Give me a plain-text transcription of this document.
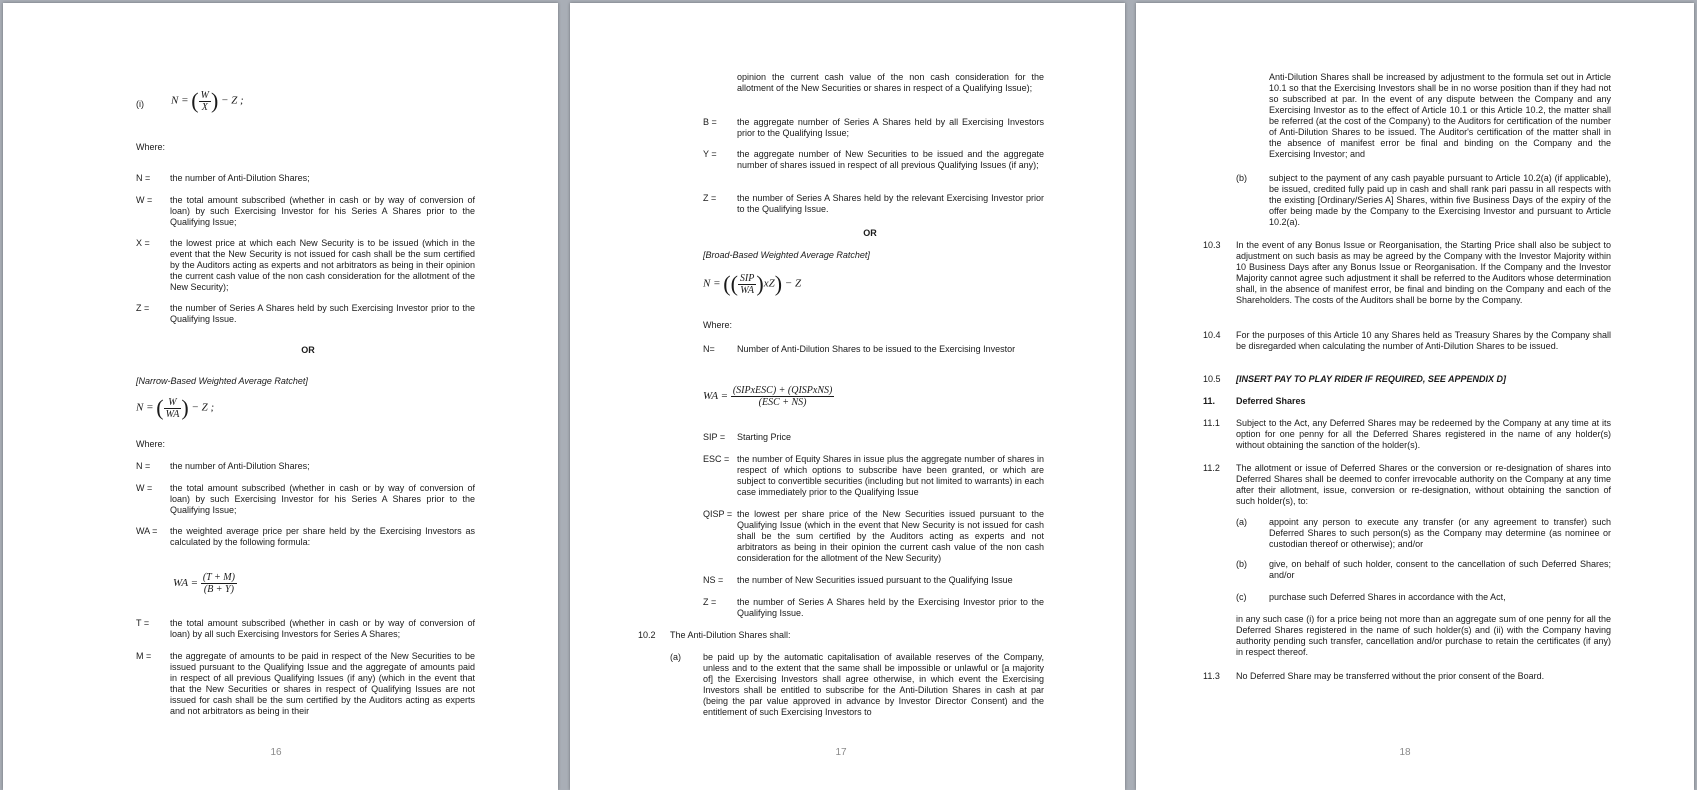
(i) N = ( $\frac{W}{X}$ ) − Z ;
Where:
N = the number of Anti-Dilution Shares;
W = the total amount subscribed (whether in cash or by way of conversion of loan) by such Exercising Investor for his Series A Shares prior to the Qualifying Issue;
X = the lowest price at which each New Security is to be issued (which in the event that the New Security is not issued for cash shall be the sum certified by the Auditors acting as experts and not arbitrators as being in their opinion the current cash value of the non cash consideration for the allotment of the New Security);
Z = the number of Series A Shares held by such Exercising Investor prior to the Qualifying Issue.
OR
[Narrow-Based Weighted Average Ratchet]
N = ( $\frac{W}{WA}$ ) − Z ;
Where:
N = the number of Anti-Dilution Shares;
W = the total amount subscribed (whether in cash or by way of conversion of loan) by such Exercising Investor for his Series A Shares prior to the Qualifying Issue;
WA = the weighted average price per share held by the Exercising Investors as calculated by the following formula:
WA = $\frac{(T + M)}{(B + Y)}$
T = the total amount subscribed (whether in cash or by way of conversion of loan) by all such Exercising Investors for Series A Shares;
M = the aggregate of amounts to be paid in respect of the New Securities to be issued pursuant to the Qualifying Issue and the aggregate of amounts paid in respect of all previous Qualifying Issues (if any) (which in the event that that the New Securities or shares in respect of Qualifying Issues are not issued for cash shall be the sum certified by the Auditors acting as experts and not arbitrators as being in their
16
opinion the current cash value of the non cash consideration for the allotment of the New Securities or shares in respect of a Qualifying Issue);
B = the aggregate number of Series A Shares held by all Exercising Investors prior to the Qualifying Issue;
Y = the aggregate number of New Securities to be issued and the aggregate number of shares issued in respect of all previous Qualifying Issues (if any);
Z = the number of Series A Shares held by the relevant Exercising Investor prior to the Qualifying Issue.
OR
[Broad-Based Weighted Average Ratchet]
N = (( $\frac{\text{SIP}}{WA} )xZ) - Z$
Where:
N= Number of Anti-Dilution Shares to be issued to the Exercising Investor
WA = $\frac{\text{(SIPxESC) + (QISPxNS)}}{\text{(ESC + NS)}}$
SIP = Starting Price
ESC = the number of Equity Shares in issue plus the aggregate number of shares in respect of which options to subscribe have been granted, or which are subject to convertible securities (including but not limited to warrants) in each case immediately prior to the Qualifying Issue
QISP = the lowest per share price of the New Securities issued pursuant to the Qualifying Issue (which in the event that New Security is not issued for cash shall be the sum certified by the Auditors acting as experts and not arbitrators as being in their opinion the current cash value of the non cash consideration for the allotment of the New Security)
NS = the number of New Securities issued pursuant to the Qualifying Issue
Z = the number of Series A Shares held by the Exercising Investor prior to the Qualifying Issue.
10.2 The Anti-Dilution Shares shall:
(a) be paid up by the automatic capitalisation of available reserves of the Company, unless and to the extent that the same shall be impossible or unlawful or [a majority of] the Exercising Investors shall agree otherwise, in which event the Exercising Investors shall be entitled to subscribe for the Anti-Dilution Shares in cash at par (being the par value approved in advance by Investor Director Consent) and the entitlement of such Exercising Investors to
17
Anti-Dilution Shares shall be increased by adjustment to the formula set out in Article 10.1 so that the Exercising Investors shall be in no worse position than if they had not so subscribed at par. In the event of any dispute between the Company and any Exercising Investor as to the effect of Article 10.1 or this Article 10.2, the matter shall be referred (at the cost of the Company) to the Auditors for certification of the number of Anti-Dilution Shares to be issued. The Auditor's certification of the matter shall in the absence of manifest error be final and binding on the Company and the Exercising Investor; and
(b) subject to the payment of any cash payable pursuant to Article 10.2(a) (if applicable), be issued, credited fully paid up in cash and shall rank pari passu in all respects with the existing [Ordinary/Series A] Shares, within five Business Days of the expiry of the offer being made by the Company to the Exercising Investor and pursuant to Article 10.2(a).
10.3 In the event of any Bonus Issue or Reorganisation, the Starting Price shall also be subject to adjustment on such basis as may be agreed by the Company with the Investor Majority within 10 Business Days after any Bonus Issue or Reorganisation. If the Company and the Investor Majority cannot agree such adjustment it shall be referred to the Auditors whose determination shall, in the absence of manifest error, be final and binding on the Company and each of the Shareholders. The costs of the Auditors shall be borne by the Company.
10.4 For the purposes of this Article 10 any Shares held as Treasury Shares by the Company shall be disregarded when calculating the number of Anti-Dilution Shares to be issued.
10.5 [INSERT PAY TO PLAY RIDER IF REQUIRED, SEE APPENDIX D]
11. Deferred Shares
11.1 Subject to the Act, any Deferred Shares may be redeemed by the Company at any time at its option for one penny for all the Deferred Shares registered in the name of any holder(s) without obtaining the sanction of the holder(s).
11.2 The allotment or issue of Deferred Shares or the conversion or re-designation of shares into Deferred Shares shall be deemed to confer irrevocable authority on the Company at any time after their allotment, issue, conversion or re-designation, without obtaining the sanction of such holder(s), to:
(a) appoint any person to execute any transfer (or any agreement to transfer) such Deferred Shares to such person(s) as the Company may determine (as nominee or custodian thereof or otherwise); and/or
(b) give, on behalf of such holder, consent to the cancellation of such Deferred Shares; and/or
(c)	purchase such Deferred Shares in accordance with the Act,
in any such case (i) for a price being not more than an aggregate sum of one penny for all the Deferred Shares registered in the name of such holder(s) and (ii) with the Company having authority pending such transfer, cancellation and/or purchase to retain the certificates (if any) in respect thereof.
11.3 No Deferred Share may be transferred without the prior consent of the Board.
18
